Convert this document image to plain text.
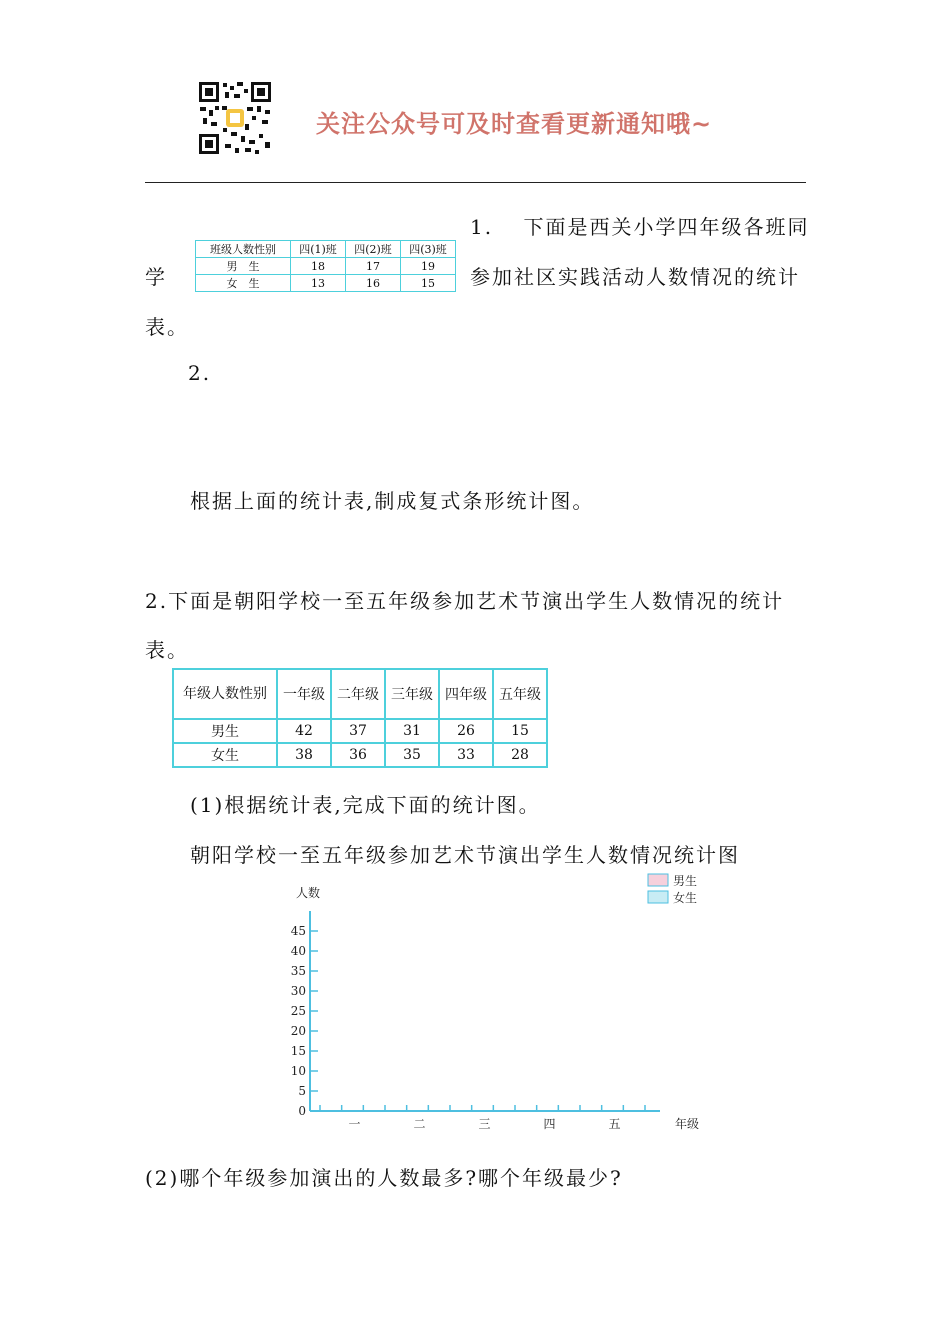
关注公众号可及时查看更新通知哦~
1.　 下面是西关小学四年级各班同
学
班级人数性别	四(1)班	四(2)班	四(3)班
男　生	18	17	19
女　生	13	16	15 参加社区实践活动人数情况的统计
表。
2.
根据上面的统计表,制成复式条形统计图。
2.下面是朝阳学校一至五年级参加艺术节演出学生人数情况的统计
表。
年级人数性别	一年级	二年级	三年级	四年级	五年级
男生	42	37	31	26	15
女生	38	36	35	33	28
(1)根据统计表,完成下面的统计图。
朝阳学校一至五年级参加艺术节演出学生人数情况统计图
人数
年级
0
5
10
15
20
25
30
35
40
45
一	二	三	四	五
男生
女生
(2)哪个年级参加演出的人数最多?哪个年级最少?
